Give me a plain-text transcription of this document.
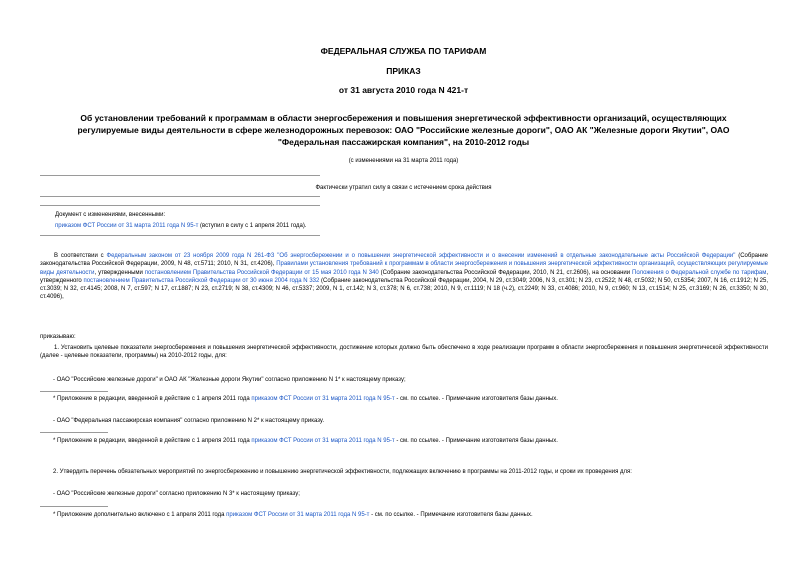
ФЕДЕРАЛЬНАЯ СЛУЖБА ПО ТАРИФАМ
ПРИКАЗ
от 31 августа 2010 года N 421-т
Об установлении требований к программам в области энергосбережения и повышения энергетической эффективности организаций, осуществляющих
регулируемые виды деятельности в сфере железнодорожных перевозок: ОАО "Российские железные дороги", ОАО АК "Железные дороги Якутии", ОАО
"Федеральная пассажирская компания", на 2010-2012 годы
(с изменениями на 31 марта 2011 года)
Фактически утратил силу в связи с истечением срока действия
Документ с изменениями, внесенными:
приказом ФСТ России от 31 марта 2011 года N 95-т (вступил в силу с 1 апреля 2011 года).
В соответствии с Федеральным законом от 23 ноября 2009 года N 261-ФЗ "Об энергосбережении и о повышении энергетической эффективности и о внесении изменений в отдельные законодательные акты Российской Федерации" (Собрание законодательства Российской Федерации, 2009, N 48, ст.5711; 2010, N 31, ст.4206), Правилами установления требований к программам в области энергосбережения и повышения энергетической эффективности организаций, осуществляющих регулируемые виды деятельности, утвержденными постановлением Правительства Российской Федерации от 15 мая 2010 года N 340 (Собрание законодательства Российской Федерации, 2010, N 21, ст.2606), на основании Положения о Федеральной службе по тарифам, утвержденного постановлением Правительства Российской Федерации от 30 июня 2004 года N 332 (Собрание законодательства Российской Федерации, 2004, N 29, ст.3049; 2006, N 3, ст.301; N 23, ст.2522; N 48, ст.5032; N 50, ст.5354; 2007, N 16, ст.1912; N 25, ст.3039; N 32, ст.4145; 2008, N 7, ст.597; N 17, ст.1887; N 23, ст.2719; N 38, ст.4309; N 46, ст.5337; 2009, N 1, ст.142; N 3, ст.378; N 6, ст.738; 2010, N 9, ст.1119; N 18 (ч.2), ст.2249; N 33, ст.4086; 2010, N 9, ст.960; N 13, ст.1514; N 25, ст.3169; N 26, ст.3350; N 30, ст.4096),
приказываю:
1. Установить целевые показатели энергосбережения и повышения энергетической эффективности, достижение которых должно быть обеспечено в ходе реализации программ в области энергосбережения и повышения энергетической эффективности (далее - целевые показатели, программы) на 2010-2012 годы, для:
- ОАО "Российские железные дороги" и ОАО АК "Железные дороги Якутии" согласно приложению N 1* к настоящему приказу;
* Приложение в редакции, введенной в действие с 1 апреля 2011 года приказом ФСТ России от 31 марта 2011 года N 95-т - см. по ссылке. - Примечание изготовителя базы данных.
- ОАО "Федеральная пассажирская компания" согласно приложению N 2* к настоящему приказу.
* Приложение в редакции, введенной в действие с 1 апреля 2011 года приказом ФСТ России от 31 марта 2011 года N 95-т - см. по ссылке. - Примечание изготовителя базы данных.
2. Утвердить перечень обязательных мероприятий по энергосбережению и повышению энергетической эффективности, подлежащих включению в программы на 2011-2012 годы, и сроки их проведения для:
- ОАО "Российские железные дороги" согласно приложению N 3* к настоящему приказу;
* Приложение дополнительно включено с 1 апреля 2011 года приказом ФСТ России от 31 марта 2011 года N 95-т - см. по ссылке. - Примечание изготовителя базы данных.
